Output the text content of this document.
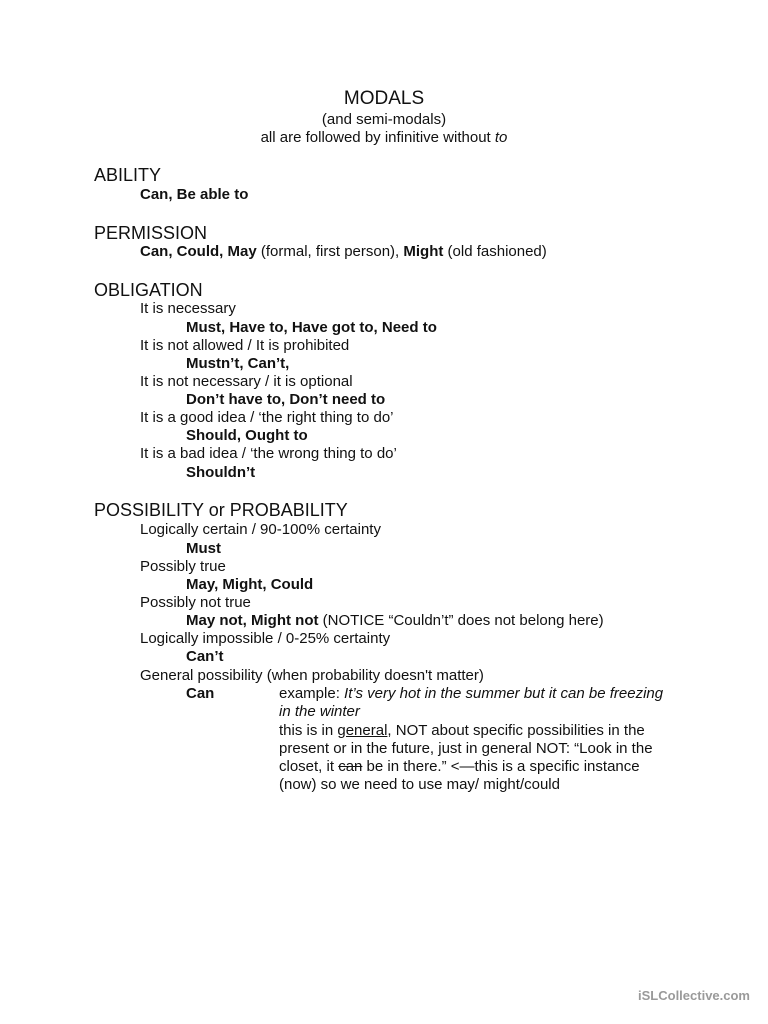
MODALS
(and semi-modals)
all are followed by infinitive without to
ABILITY
Can, Be able to
PERMISSION
Can, Could, May (formal, first person), Might (old fashioned)
OBLIGATION
It is necessary
Must, Have to, Have got to, Need to
It is not allowed / It is prohibited
Mustn’t, Can’t,
It is not necessary / it is optional
Don’t have to, Don’t need to
It is a good idea / ‘the right thing to do’
Should, Ought to
It is a bad idea / ‘the wrong thing to do’
Shouldn’t
POSSIBILITY or PROBABILITY
Logically certain / 90-100% certainty
Must
Possibly true
May, Might, Could
Possibly not true
May not, Might not (NOTICE “Couldn’t” does not belong here)
Logically impossible / 0-25% certainty
Can’t
General possibility (when probability doesn't matter)
Can	example: It’s very hot in the summer but it can be freezing in the winter
this is in general, NOT about specific possibilities in the present or in the future, just in general NOT: “Look in the closet, it can be in there.” <—this is a specific instance (now) so we need to use may/ might/could
iSLCollective.com
